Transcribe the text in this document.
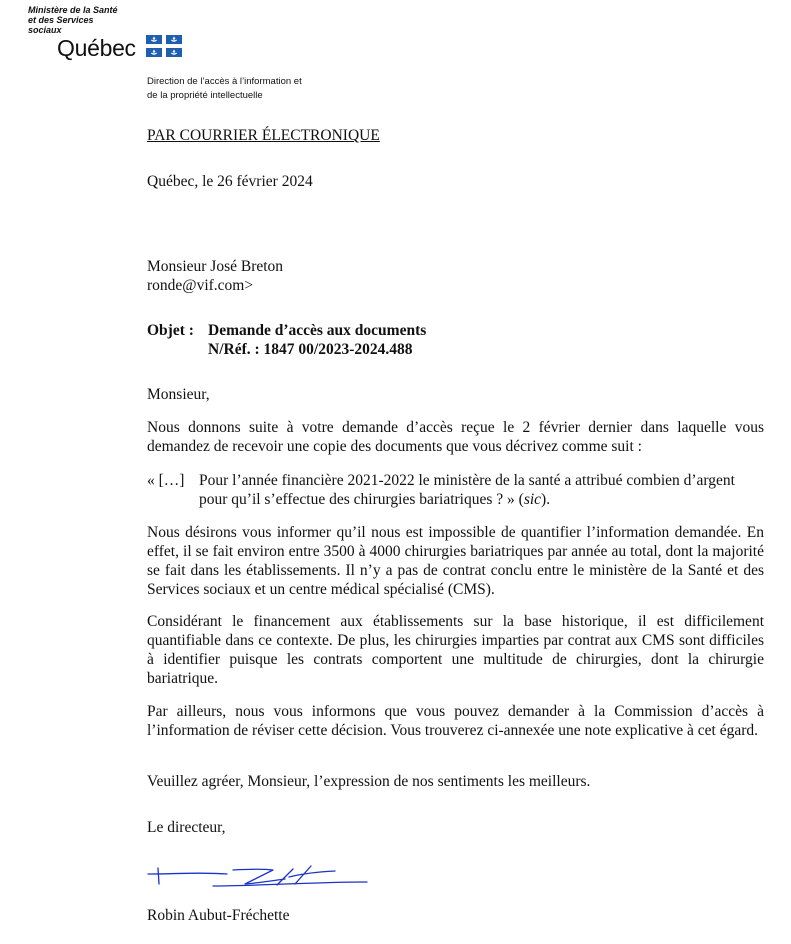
Ministère de la Santé
et des Services
sociaux
Québec
Direction de l’accès à l’information et
de la propriété intellectuelle
PAR COURRIER ÉLECTRONIQUE
Québec, le 26 février 2024
Monsieur José Breton
ronde@vif.com>
Objet : Demande d’accès aux documents
N/Réf. : 1847 00/2023-2024.488
Monsieur,
Nous donnons suite à votre demande d’accès reçue le 2 février dernier dans laquelle vous demandez de recevoir une copie des documents que vous décrivez comme suit :
« […] Pour l’année financière 2021-2022 le ministère de la santé a attribué combien d’argent pour qu’il s’effectue des chirurgies bariatriques ? » (sic).
Nous désirons vous informer qu’il nous est impossible de quantifier l’information demandée. En effet, il se fait environ entre 3500 à 4000 chirurgies bariatriques par année au total, dont la majorité se fait dans les établissements. Il n’y a pas de contrat conclu entre le ministère de la Santé et des Services sociaux et un centre médical spécialisé (CMS).
Considérant le financement aux établissements sur la base historique, il est difficilement quantifiable dans ce contexte. De plus, les chirurgies imparties par contrat aux CMS sont difficiles à identifier puisque les contrats comportent une multitude de chirurgies, dont la chirurgie bariatrique.
Par ailleurs, nous vous informons que vous pouvez demander à la Commission d’accès à l’information de réviser cette décision. Vous trouverez ci-annexée une note explicative à cet égard.
Veuillez agréer, Monsieur, l’expression de nos sentiments les meilleurs.
Le directeur,
Robin Aubut-Fréchette
